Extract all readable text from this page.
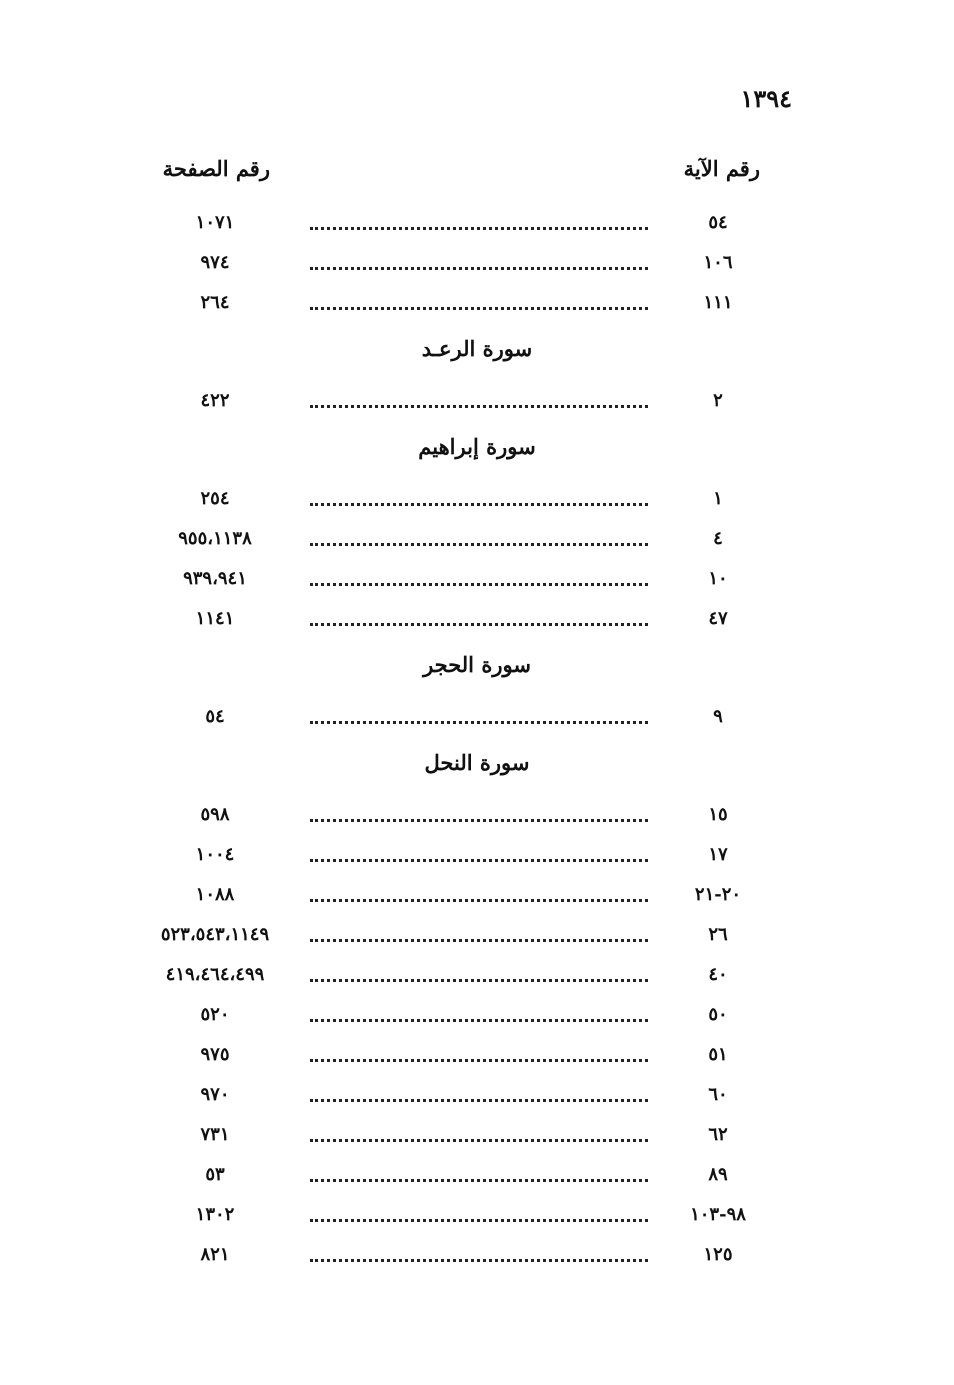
١٣٩٤
رقم الآية
رقم الصفحة
٥٤
١٠٧١
١٠٦
٩٧٤
١١١
٢٦٤
سورة الرعـد
٢
٤٢٢
سورة إبراهيم
١
٢٥٤
٤
٩٥٥،١١٣٨
١٠
٩٣٩،٩٤١
٤٧
١١٤١
سورة الحجر
٩
٥٤
سورة النحل
١٥
٥٩٨
١٧
١٠٠٤
٢٠-٢١
١٠٨٨
٢٦
٥٢٣،٥٤٣،١١٤٩
٤٠
٤١٩،٤٦٤،٤٩٩
٥٠
٥٢٠
٥١
٩٧٥
٦٠
٩٧٠
٦٢
٧٣١
٨٩
٥٣
٩٨-١٠٣
١٣٠٢
١٢٥
٨٢١
